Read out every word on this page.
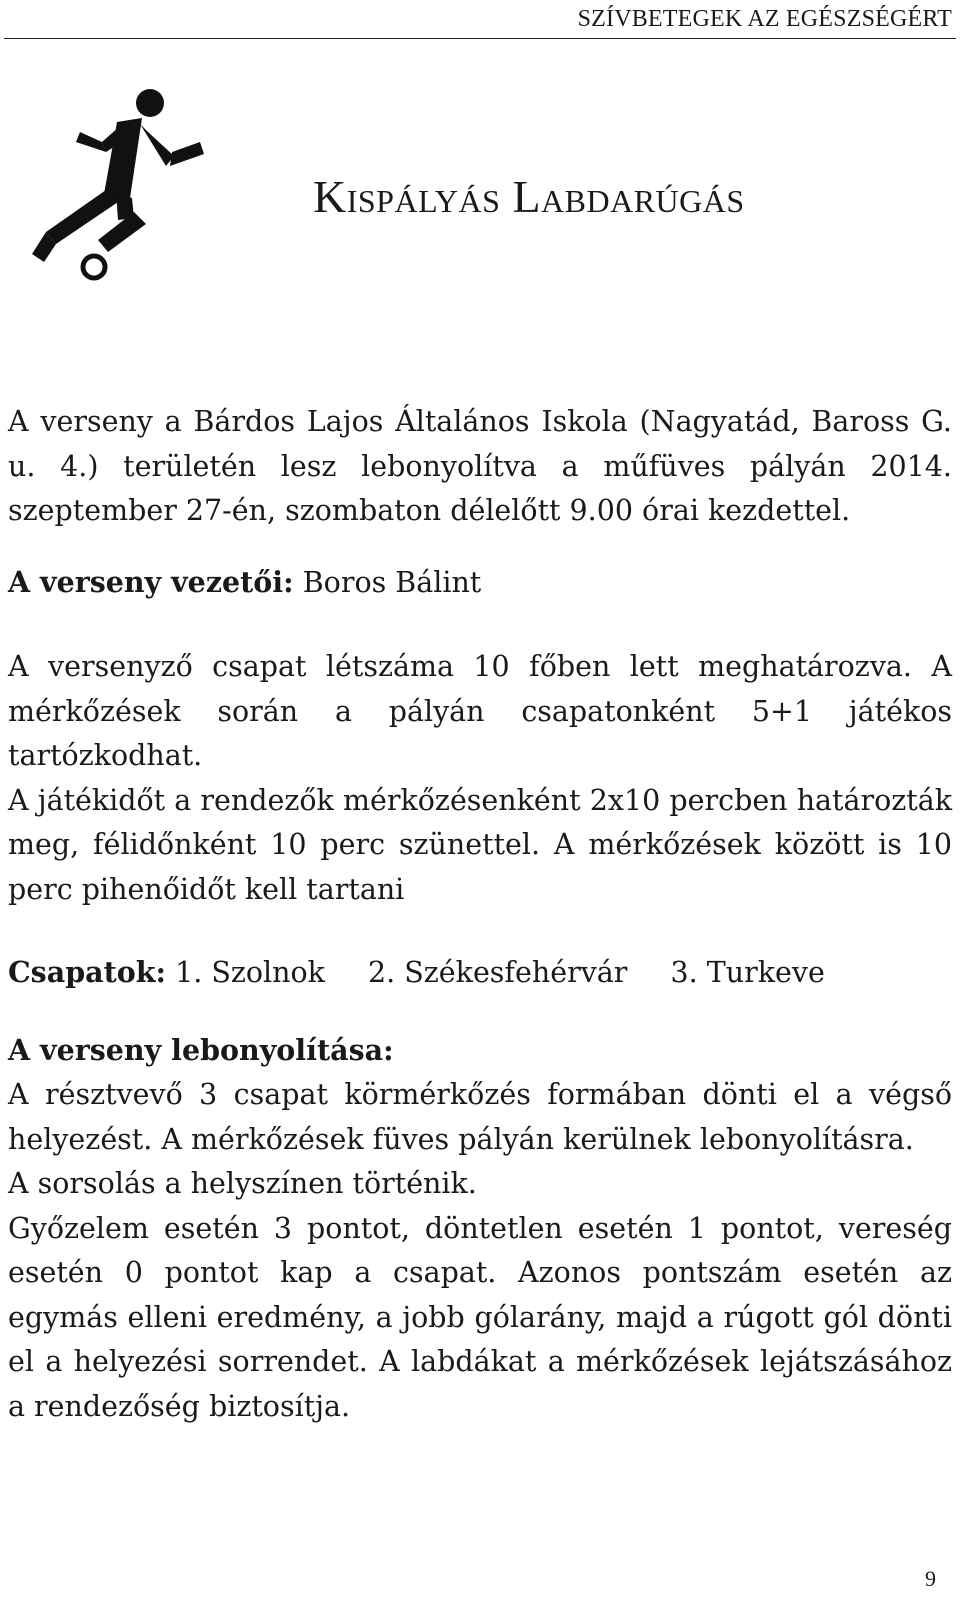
SZÍVBETEGEK AZ EGÉSZSÉGÉRT
Kispályás Labdarúgás

A verseny a Bárdos Lajos Általános Iskola (Nagyatád, Baross G. u. 4.) területén lesz lebonyolítva a műfüves pályán 2014. szeptember 27-én, szombaton délelőtt 9.00 órai kezdettel.

A verseny vezetői: Boros Bálint

A versenyző csapat létszáma 10 főben lett meghatározva. A mérkőzések során a pályán csapatonként 5+1 játékos tartózkodhat.

A játékidőt a rendezők mérkőzésenként 2x10 percben határozták meg, félidőnként 10 perc szünettel. A mérkőzések között is 10 perc pihenőidőt kell tartani

Csapatok: 1. Szolnok 2. Székesfehérvár 3. Turkeve

A verseny lebonyolítása:

A résztvevő 3 csapat körmérkőzés formában dönti el a végső helyezést. A mérkőzések füves pályán kerülnek lebonyolításra.

A sorsolás a helyszínen történik.

Győzelem esetén 3 pontot, döntetlen esetén 1 pontot, vereség esetén 0 pontot kap a csapat. Azonos pontszám esetén az egymás elleni eredmény, a jobb gólarány, majd a rúgott gól dönti el a helyezési sorrendet. A labdákat a mérkőzések lejátszásához a rendezőség biztosítja.

9
